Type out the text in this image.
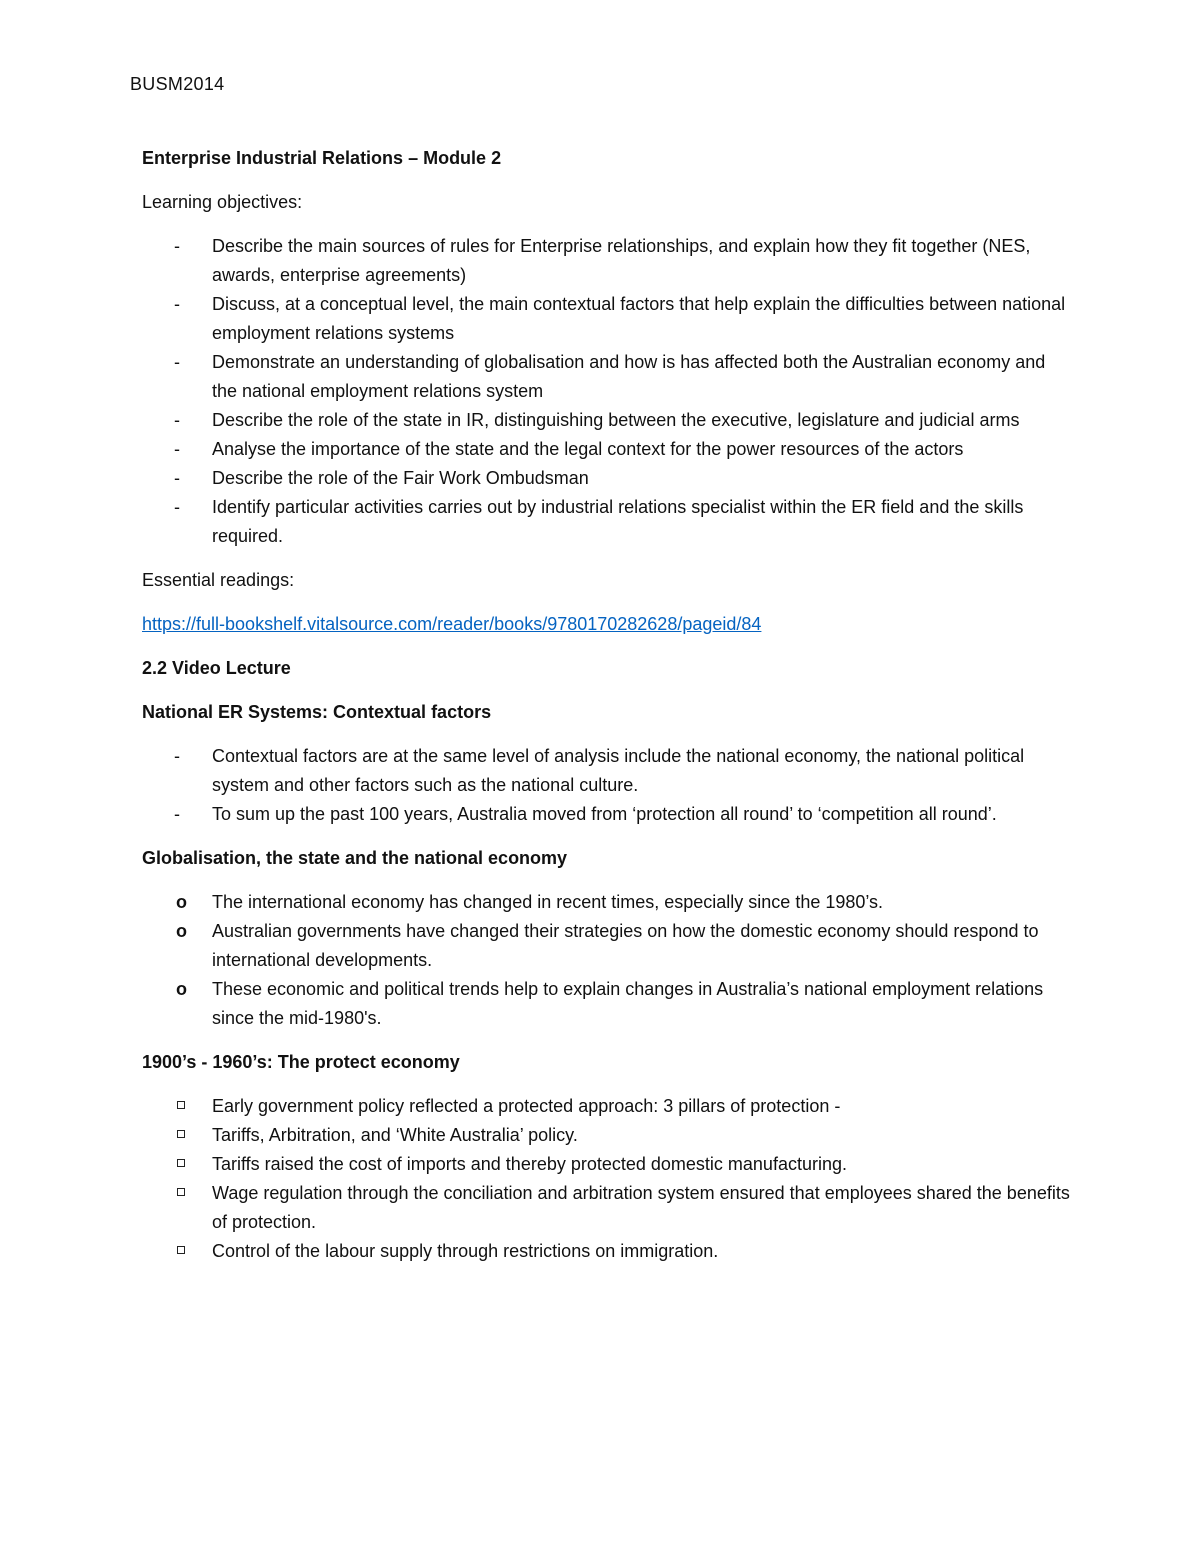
BUSM2014

Enterprise Industrial Relations – Module 2

Learning objectives:

-	Describe the main sources of rules for Enterprise relationships, and explain how they fit together (NES, awards, enterprise agreements)
-	Discuss, at a conceptual level, the main contextual factors that help explain the difficulties between national employment relations systems
-	Demonstrate an understanding of globalisation and how is has affected both the Australian economy and the national employment relations system
-	Describe the role of the state in IR, distinguishing between the executive, legislature and judicial arms
-	Analyse the importance of the state and the legal context for the power resources of the actors
-	Describe the role of the Fair Work Ombudsman
-	Identify particular activities carries out by industrial relations specialist within the ER field and the skills required.

Essential readings:

https://full-bookshelf.vitalsource.com/reader/books/9780170282628/pageid/84

2.2 Video Lecture

National ER Systems: Contextual factors

-	Contextual factors are at the same level of analysis include the national economy, the national political system and other factors such as the national culture.
-	To sum up the past 100 years, Australia moved from ‘protection all round’ to ‘competition all round’.

Globalisation, the state and the national economy

o	The international economy has changed in recent times, especially since the 1980’s.
o	Australian governments have changed their strategies on how the domestic economy should respond to international developments.
o	These economic and political trends help to explain changes in Australia’s national employment relations since the mid-1980's.

1900’s - 1960’s: The protect economy

Early government policy reflected a protected approach: 3 pillars of protection -
Tariffs, Arbitration, and ‘White Australia’ policy.
Tariffs raised the cost of imports and thereby protected domestic manufacturing.
Wage regulation through the conciliation and arbitration system ensured that employees shared the benefits of protection.
Control of the labour supply through restrictions on immigration.
